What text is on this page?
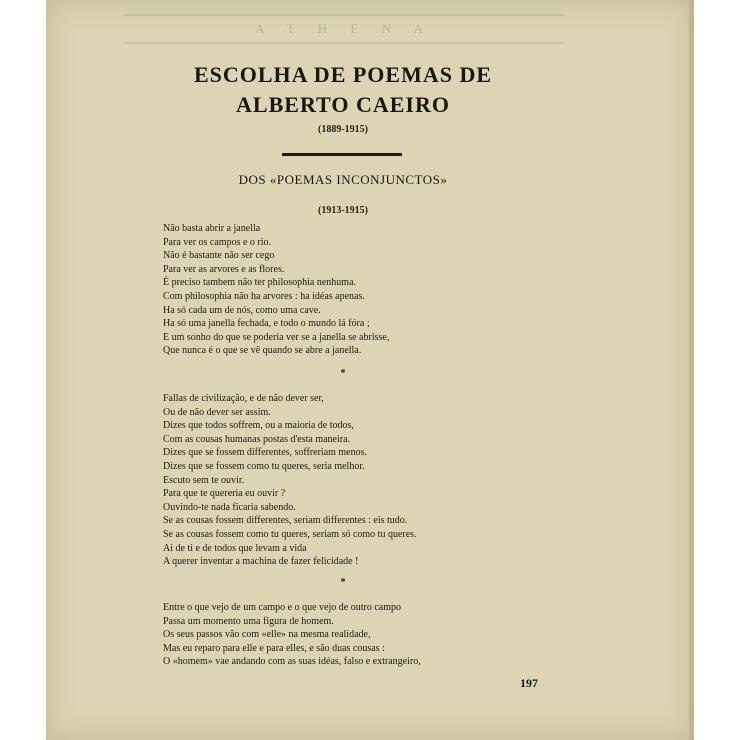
A T H E N A
ESCOLHA DE POEMAS DE
ALBERTO CAEIRO
(1889-1915)
DOS «POEMAS INCONJUNCTOS»
(1913-1915)
Não basta abrir a janella
Para ver os campos e o rio.
Não é bastante não ser cego
Para ver as arvores e as flores.
É preciso tambem não ter philosophia nenhuma.
Com philosophia não ha arvores : ha idéas apenas.
Ha só cada um de nós, como uma cave.
Ha só uma janella fechada, e todo o mundo lá fóra ;
E um sonho do que se poderia ver se a janella se abrisse,
Que nunca é o que se vê quando se abre a janella.
*
Fallas de civilização, e de não dever ser,
Ou de não dever ser assim.
Dizes que todos soffrem, ou a maioria de todos,
Com as cousas humanas postas d'esta maneira.
Dizes que se fossem differentes, soffreriam menos.
Dizes que se fossem como tu queres, seria melhor.
Escuto sem te ouvir.
Para que te quereria eu ouvir ?
Ouvindo-te nada ficaria sabendo.
Se as cousas fossem differentes, seriam differentes : eis tudo.
Se as cousas fossem como tu queres, seriam só como tu queres.
Ai de ti e de todos que levam a vida
A querer inventar a machina de fazer felicidade !
*
Entre o que vejo de um campo e o que vejo de outro campo
Passa um momento uma figura de homem.
Os seus passos vão com «elle» na mesma realidade,
Mas eu reparo para elle e para elles, e são duas cousas :
O «homem» vae andando com as suas idéas, falso e extrangeiro,
197
